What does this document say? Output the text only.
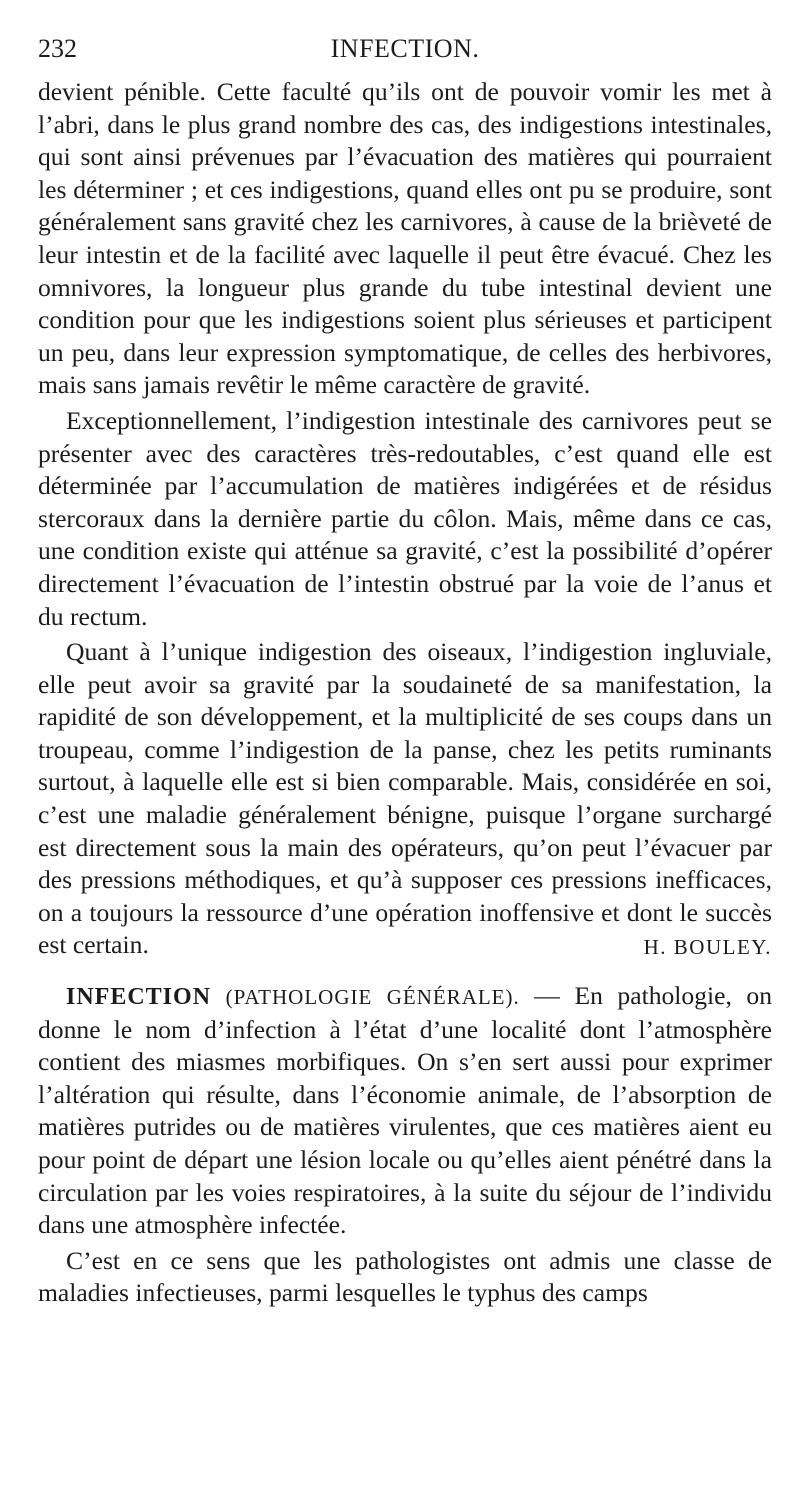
232	INFECTION.

devient pénible. Cette faculté qu’ils ont de pouvoir vomir les met à l’abri, dans le plus grand nombre des cas, des indigestions intestinales, qui sont ainsi prévenues par l’évacuation des matières qui pourraient les déterminer ; et ces indigestions, quand elles ont pu se produire, sont généralement sans gravité chez les carnivores, à cause de la brièveté de leur intestin et de la facilité avec laquelle il peut être évacué. Chez les omnivores, la longueur plus grande du tube intestinal devient une condition pour que les indigestions soient plus sérieuses et participent un peu, dans leur expression symptomatique, de celles des herbivores, mais sans jamais revêtir le même caractère de gravité.

Exceptionnellement, l’indigestion intestinale des carnivores peut se présenter avec des caractères très-redoutables, c’est quand elle est déterminée par l’accumulation de matières indigérées et de résidus stercoraux dans la dernière partie du côlon. Mais, même dans ce cas, une condition existe qui atténue sa gravité, c’est la possibilité d’opérer directement l’évacuation de l’intestin obstrué par la voie de l’anus et du rectum.

Quant à l’unique indigestion des oiseaux, l’indigestion ingluviale, elle peut avoir sa gravité par la soudaineté de sa manifestation, la rapidité de son développement, et la multiplicité de ses coups dans un troupeau, comme l’indigestion de la panse, chez les petits ruminants surtout, à laquelle elle est si bien comparable. Mais, considérée en soi, c’est une maladie généralement bénigne, puisque l’organe surchargé est directement sous la main des opérateurs, qu’on peut l’évacuer par des pressions méthodiques, et qu’à supposer ces pressions inefficaces, on a toujours la ressource d’une opération inoffensive et dont le succès est certain.	H. BOULEY.

INFECTION (PATHOLOGIE GÉNÉRALE). — En pathologie, on donne le nom d’infection à l’état d’une localité dont l’atmosphère contient des miasmes morbifiques. On s’en sert aussi pour exprimer l’altération qui résulte, dans l’économie animale, de l’absorption de matières putrides ou de matières virulentes, que ces matières aient eu pour point de départ une lésion locale ou qu’elles aient pénétré dans la circulation par les voies respiratoires, à la suite du séjour de l’individu dans une atmosphère infectée.

C’est en ce sens que les pathologistes ont admis une classe de maladies infectieuses, parmi lesquelles le typhus des camps
